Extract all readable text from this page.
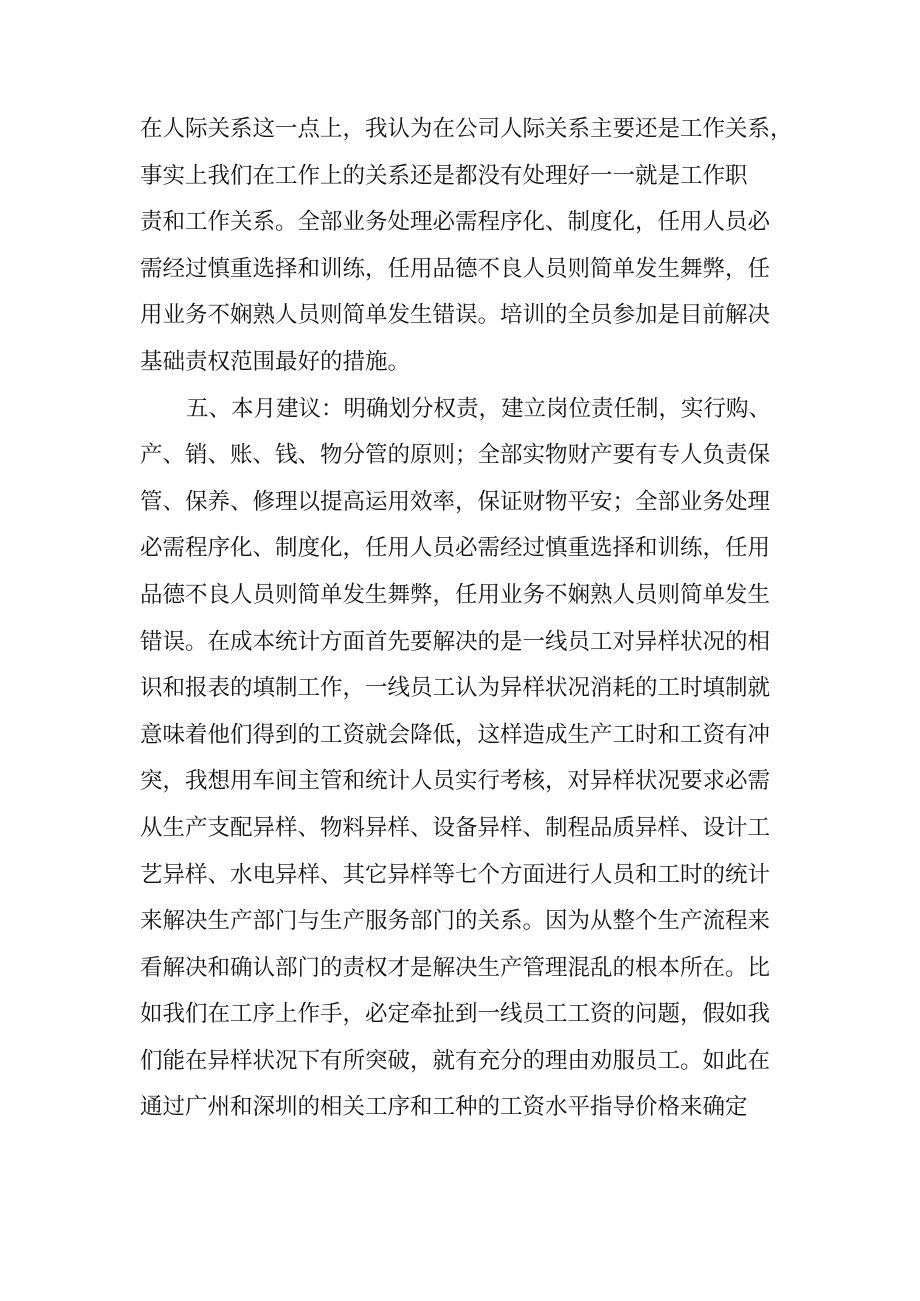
在人际关系这一点上，我认为在公司人际关系主要还是工作关系，
事实上我们在工作上的关系还是都没有处理好一一就是工作职
责和工作关系。全部业务处理必需程序化、制度化，任用人员必
需经过慎重选择和训练，任用品德不良人员则简单发生舞弊，任
用业务不娴熟人员则简单发生错误。培训的全员参加是目前解决
基础责权范围最好的措施。
五、本月建议：明确划分权责，建立岗位责任制，实行购、
产、销、账、钱、物分管的原则；全部实物财产要有专人负责保
管、保养、修理以提高运用效率，保证财物平安；全部业务处理
必需程序化、制度化，任用人员必需经过慎重选择和训练，任用
品德不良人员则简单发生舞弊，任用业务不娴熟人员则简单发生
错误。在成本统计方面首先要解决的是一线员工对异样状况的相
识和报表的填制工作，一线员工认为异样状况消耗的工时填制就
意味着他们得到的工资就会降低，这样造成生产工时和工资有冲
突，我想用车间主管和统计人员实行考核，对异样状况要求必需
从生产支配异样、物料异样、设备异样、制程品质异样、设计工
艺异样、水电异样、其它异样等七个方面进行人员和工时的统计
来解决生产部门与生产服务部门的关系。因为从整个生产流程来
看解决和确认部门的责权才是解决生产管理混乱的根本所在。比
如我们在工序上作手，必定牵扯到一线员工工资的问题，假如我
们能在异样状况下有所突破，就有充分的理由劝服员工。如此在
通过广州和深圳的相关工序和工种的工资水平指导价格来确定
